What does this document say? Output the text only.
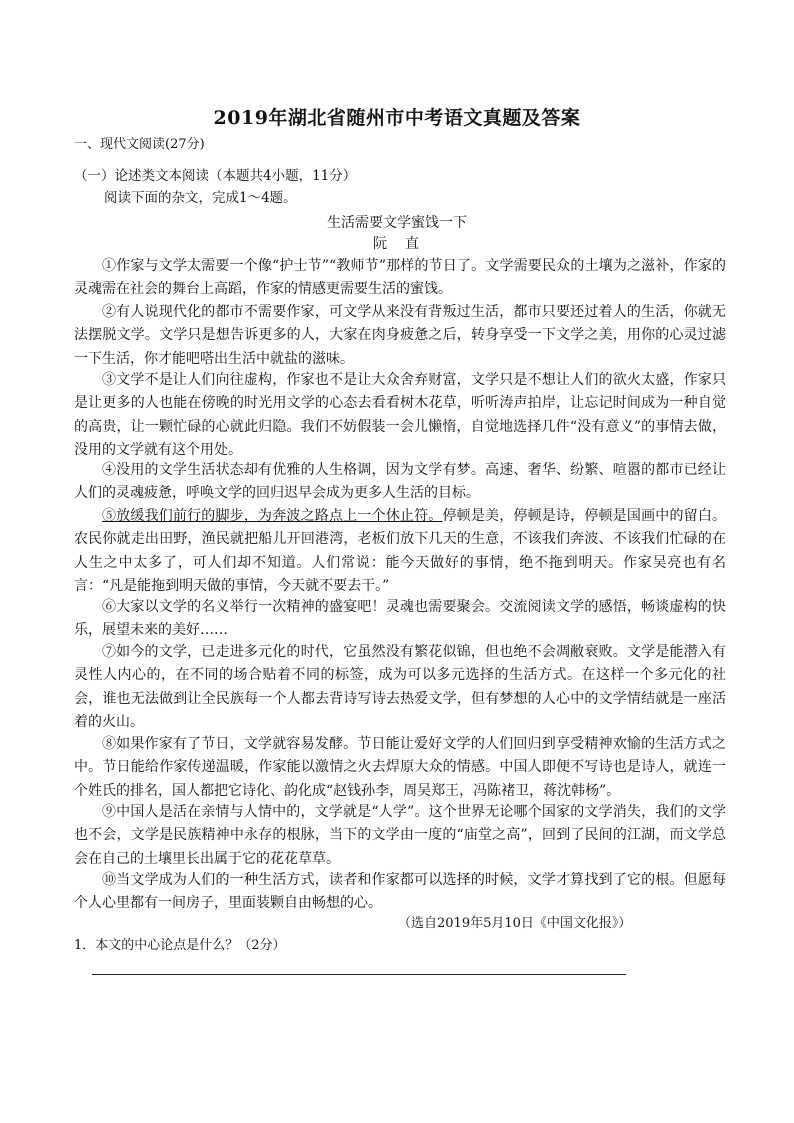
2019年湖北省随州市中考语文真题及答案
一、现代文阅读(27分)
（一）论述类文本阅读（本题共4小题，11分）
阅读下面的杂文，完成1～4题。
生活需要文学蜜饯一下
阮　直
①作家与文学太需要一个像“护士节”“教师节”那样的节日了。文学需要民众的土壤为之滋补，作家的灵魂需在社会的舞台上高蹈，作家的情感更需要生活的蜜饯。
②有人说现代化的都市不需要作家，可文学从来没有背叛过生活，都市只要还过着人的生活，你就无法摆脱文学。文学只是想告诉更多的人，大家在肉身疲惫之后，转身享受一下文学之美，用你的心灵过滤一下生活，你才能吧嗒出生活中就盐的滋味。
③文学不是让人们向往虚构，作家也不是让大众舍弃财富，文学只是不想让人们的欲火太盛，作家只是让更多的人也能在傍晚的时光用文学的心态去看看树木花草，听听涛声拍岸，让忘记时间成为一种自觉的高贵，让一颗忙碌的心就此归隐。我们不妨假装一会儿懒惰，自觉地选择几件“没有意义”的事情去做，没用的文学就有这个用处。
④没用的文学生活状态却有优雅的人生格调，因为文学有梦。高速、奢华、纷繁、喧嚣的都市已经让人们的灵魂疲惫，呼唤文学的回归迟早会成为更多人生活的目标。
⑤放缓我们前行的脚步，为奔波之路点上一个休止符。停顿是美，停顿是诗，停顿是国画中的留白。农民你就走出田野，渔民就把船儿开回港湾，老板们放下几天的生意，不该我们奔波、不该我们忙碌的在人生之中太多了，可人们却不知道。人们常说：能今天做好的事情，绝不拖到明天。作家吴亮也有名言：“凡是能拖到明天做的事情，今天就不要去干。”
⑥大家以文学的名义举行一次精神的盛宴吧！灵魂也需要聚会。交流阅读文学的感悟，畅谈虚构的快乐，展望未来的美好……
⑦如今的文学，已走进多元化的时代，它虽然没有繁花似锦，但也绝不会凋敝衰败。文学是能潜入有灵性人内心的，在不同的场合贴着不同的标签，成为可以多元选择的生活方式。在这样一个多元化的社会，谁也无法做到让全民族每一个人都去背诗写诗去热爱文学，但有梦想的人心中的文学情结就是一座活着的火山。
⑧如果作家有了节日，文学就容易发酵。节日能让爱好文学的人们回归到享受精神欢愉的生活方式之中。节日能给作家传递温暖，作家能以激情之火去焊原大众的情感。中国人即便不写诗也是诗人，就连一个姓氏的排名，国人都把它诗化、韵化成“赵钱孙李，周吴郑王，冯陈褚卫，蒋沈韩杨”。
⑨中国人是活在亲情与人情中的，文学就是“人学”。这个世界无论哪个国家的文学消失，我们的文学也不会，文学是民族精神中永存的根脉，当下的文学由一度的“庙堂之高”，回到了民间的江湖，而文学总会在自己的土壤里长出属于它的花花草草。
⑩当文学成为人们的一种生活方式，读者和作家都可以选择的时候，文学才算找到了它的根。但愿每个人心里都有一间房子，里面装颗自由畅想的心。
（选自2019年5月10日《中国文化报》）
1．本文的中心论点是什么？（2分）
